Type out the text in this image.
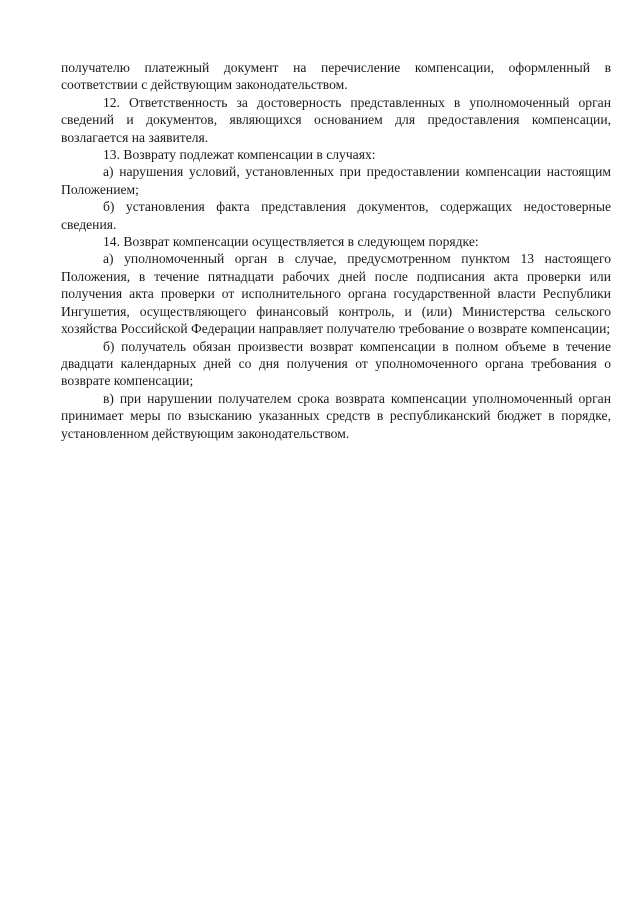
получателю платежный документ на перечисление компенсации, оформленный в соответствии с действующим законодательством.

12. Ответственность за достоверность представленных в уполномоченный орган сведений и документов, являющихся основанием для предоставления компенсации, возлагается на заявителя.

13. Возврату подлежат компенсации в случаях:

а) нарушения условий, установленных при предоставлении компенсации настоящим Положением;

б) установления факта представления документов, содержащих недостоверные сведения.

14. Возврат компенсации осуществляется в следующем порядке:

а) уполномоченный орган в случае, предусмотренном пунктом 13 настоящего Положения, в течение пятнадцати рабочих дней после подписания акта проверки или получения акта проверки от исполнительного органа государственной власти Республики Ингушетия, осуществляющего финансовый контроль, и (или) Министерства сельского хозяйства Российской Федерации направляет получателю требование о возврате компенсации;

б) получатель обязан произвести возврат компенсации в полном объеме в течение двадцати календарных дней со дня получения от уполномоченного органа требования о возврате компенсации;

в) при нарушении получателем срока возврата компенсации уполномоченный орган принимает меры по взысканию указанных средств в республиканский бюджет в порядке, установленном действующим законодательством.
